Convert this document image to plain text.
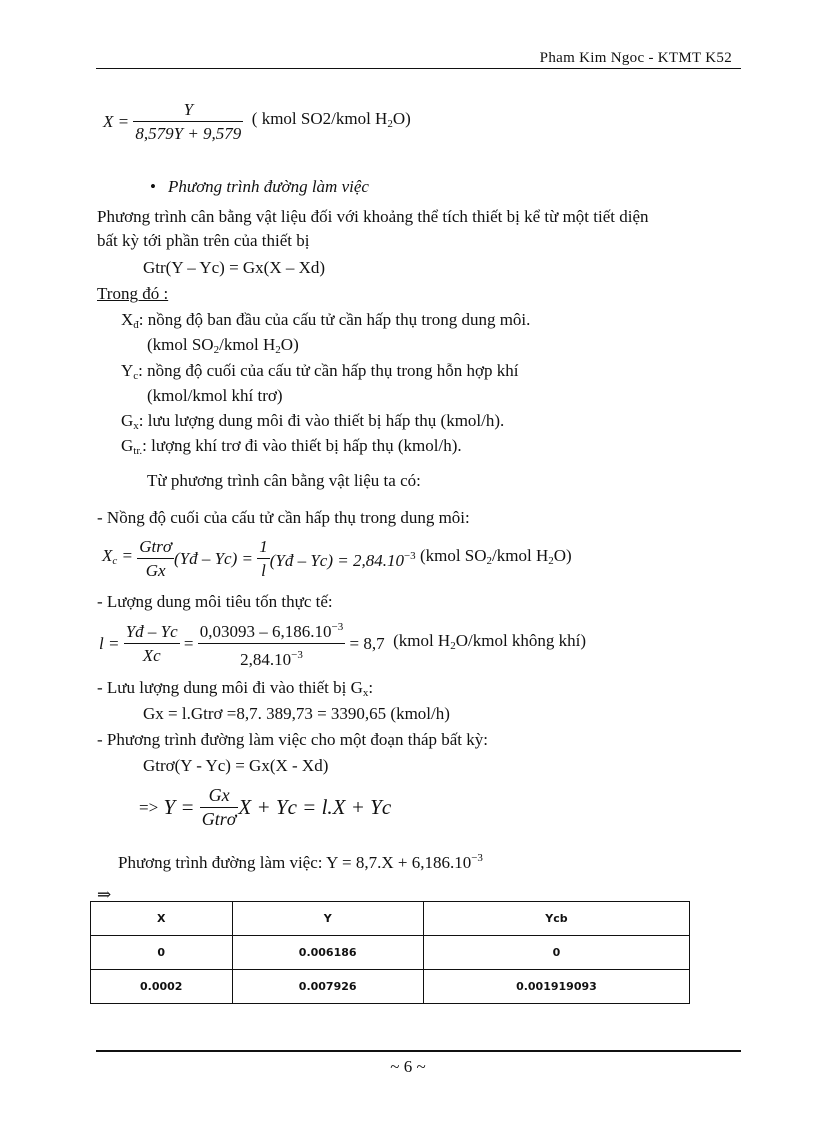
Pham Kim Ngoc - KTMT K52
X =
$\frac{Y}{8,579Y + 9,579}$
( kmol SO2/kmol $H_2O$)
• Phương trình đường làm việc
Phương trình cân bằng vật liệu đối với khoảng thể tích thiết bị kể từ một tiết diện
bất kỳ tới phần trên của thiết bị
Gtr(Y – Yc) = Gx(X – Xd)
Trong đó :
$X_đ$: nồng độ ban đầu của cấu tử cần hấp thụ trong dung môi.
(kmol $SO_2$/kmol $H_2O$)
$Y_c$: nồng độ cuối của cấu tử cần hấp thụ trong hỗn hợp khí
(kmol/kmol khí trơ)
$G_x$: lưu lượng dung môi đi vào thiết bị hấp thụ (kmol/h).
$G_{tr.}$: lượng khí trơ đi vào thiết bị hấp thụ (kmol/h).
Từ phương trình cân bằng vật liệu ta có:
- Nồng độ cuối của cấu tử cần hấp thụ trong dung môi:
$X_c = \frac{\text{Gtrơ}}{Gx}$ (Yđ – Yc) =
$\frac{1}{l}$ (Yđ – $Yc) = 2,84.10^{-3}$
(kmol $SO_2$/kmol $H_2O$)
- Lượng dung môi tiêu tốn thực tế:
l =
$\frac{Yđ - Yc}{Xc} = \frac{0,03093 - 6,186.10^{-3}}{2,84.10^{-3}}$
= 8,7
(kmol $H_2O$/kmol không khí)
- Lưu lượng dung môi đi vào thiết bị $G_x$:
Gx = l.Gtrơ =8,7. 389,73 = 3390,65 (kmol/h)
- Phương trình đường làm việc cho một đoạn tháp bất kỳ:
Gtrơ(Y - Yc) = Gx(X - Xd)
=>
Y =
$\frac{Gx}{\text{Gtrơ}}$ X + Yc = l.X + Yc
Phương trình đường làm việc: $Y = 8,7.X + 6,186.10^{-3}$
⇒
X	Y	Ycb
0	0.006186	0
0.0002	0.007926	0.001919093
~ 6 ~
